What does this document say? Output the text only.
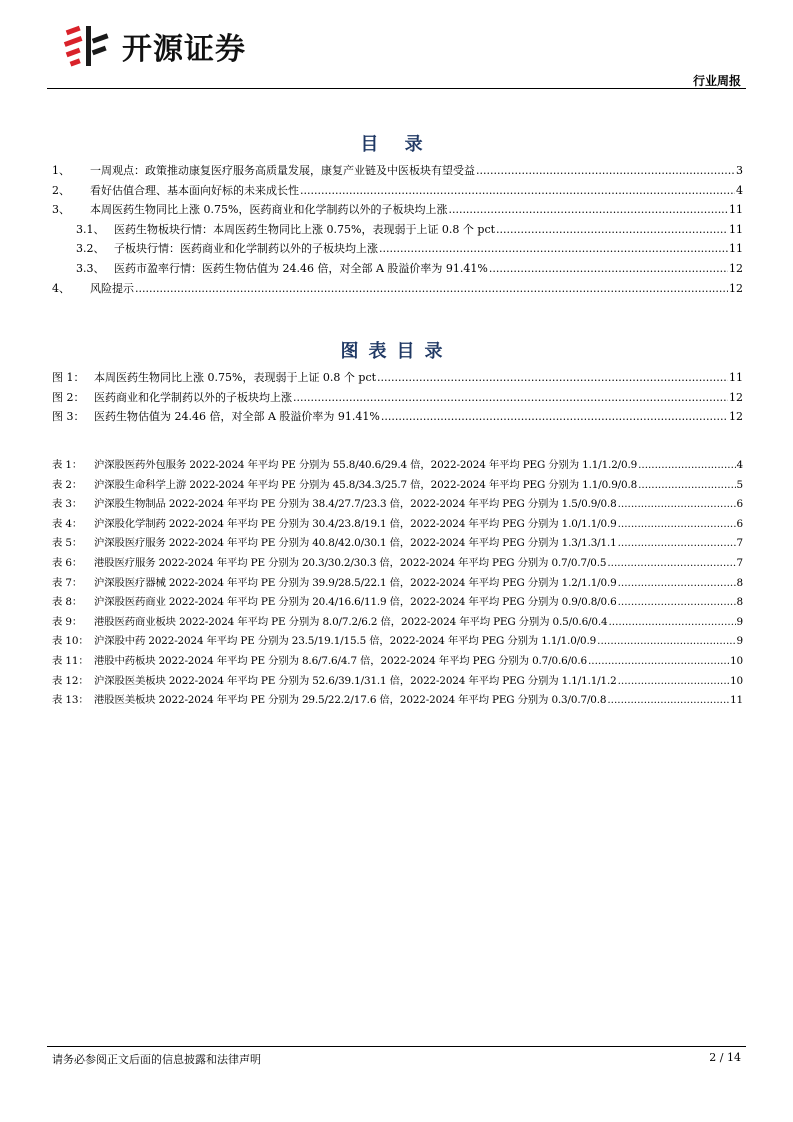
开源证券
行业周报
目 录
1、	一周观点：政策推动康复医疗服务高质量发展，康复产业链及中医板块有望受益 .....	3
2、	看好估值合理、基本面向好标的未来成长性 .....	4
3、	本周医药生物同比上涨 0.75%，医药商业和化学制药以外的子板块均上涨 .....	11
3.1、 医药生物板块行情：本周医药生物同比上涨 0.75%，表现弱于上证 0.8 个 pct .....	11
3.2、 子板块行情：医药商业和化学制药以外的子板块均上涨 .....	11
3.3、 医药市盈率行情：医药生物估值为 24.46 倍，对全部 A 股溢价率为 91.41% .....	12
4、	风险提示 .....	12
图表目录
图 1： 本周医药生物同比上涨 0.75%，表现弱于上证 0.8 个 pct .....	11
图 2： 医药商业和化学制药以外的子板块均上涨 .....	12
图 3： 医药生物估值为 24.46 倍，对全部 A 股溢价率为 91.41% .....	12
表 1：	沪深股医药外包服务 2022-2024 年平均 PE 分别为 55.8/40.6/29.4 倍，2022-2024 年平均 PEG 分别为 1.1/1.2/0.9 .....	4
表 2：	沪深股生命科学上游 2022-2024 年平均 PE 分别为 45.8/34.3/25.7 倍，2022-2024 年平均 PEG 分别为 1.1/0.9/0.8 .....	5
表 3：	沪深股生物制品 2022-2024 年平均 PE 分别为 38.4/27.7/23.3 倍，2022-2024 年平均 PEG 分别为 1.5/0.9/0.8 .....	6
表 4：	沪深股化学制药 2022-2024 年平均 PE 分别为 30.4/23.8/19.1 倍，2022-2024 年平均 PEG 分别为 1.0/1.1/0.9 .....	6
表 5：	沪深股医疗服务 2022-2024 年平均 PE 分别为 40.8/42.0/30.1 倍，2022-2024 年平均 PEG 分别为 1.3/1.3/1.1 .....	7
表 6：	港股医疗服务 2022-2024 年平均 PE 分别为 20.3/30.2/30.3 倍，2022-2024 年平均 PEG 分别为 0.7/0.7/0.5 .....	7
表 7：	沪深股医疗器械 2022-2024 年平均 PE 分别为 39.9/28.5/22.1 倍，2022-2024 年平均 PEG 分别为 1.2/1.1/0.9 .....	8
表 8：	沪深股医药商业 2022-2024 年平均 PE 分别为 20.4/16.6/11.9 倍，2022-2024 年平均 PEG 分别为 0.9/0.8/0.6 .....	8
表 9：	港股医药商业板块 2022-2024 年平均 PE 分别为 8.0/7.2/6.2 倍，2022-2024 年平均 PEG 分别为 0.5/0.6/0.4 .....	9
表 10： 沪深股中药 2022-2024 年平均 PE 分别为 23.5/19.1/15.5 倍，2022-2024 年平均 PEG 分别为 1.1/1.0/0.9 .....	9
表 11： 港股中药板块 2022-2024 年平均 PE 分别为 8.6/7.6/4.7 倍，2022-2024 年平均 PEG 分别为 0.7/0.6/0.6 .....	10
表 12： 沪深股医美板块 2022-2024 年平均 PE 分别为 52.6/39.1/31.1 倍，2022-2024 年平均 PEG 分别为 1.1/1.1/1.2 .....	10
表 13： 港股医美板块 2022-2024 年平均 PE 分别为 29.5/22.2/17.6 倍，2022-2024 年平均 PEG 分别为 0.3/0.7/0.8 .....	11
请务必参阅正文后面的信息披露和法律声明	2 / 14
